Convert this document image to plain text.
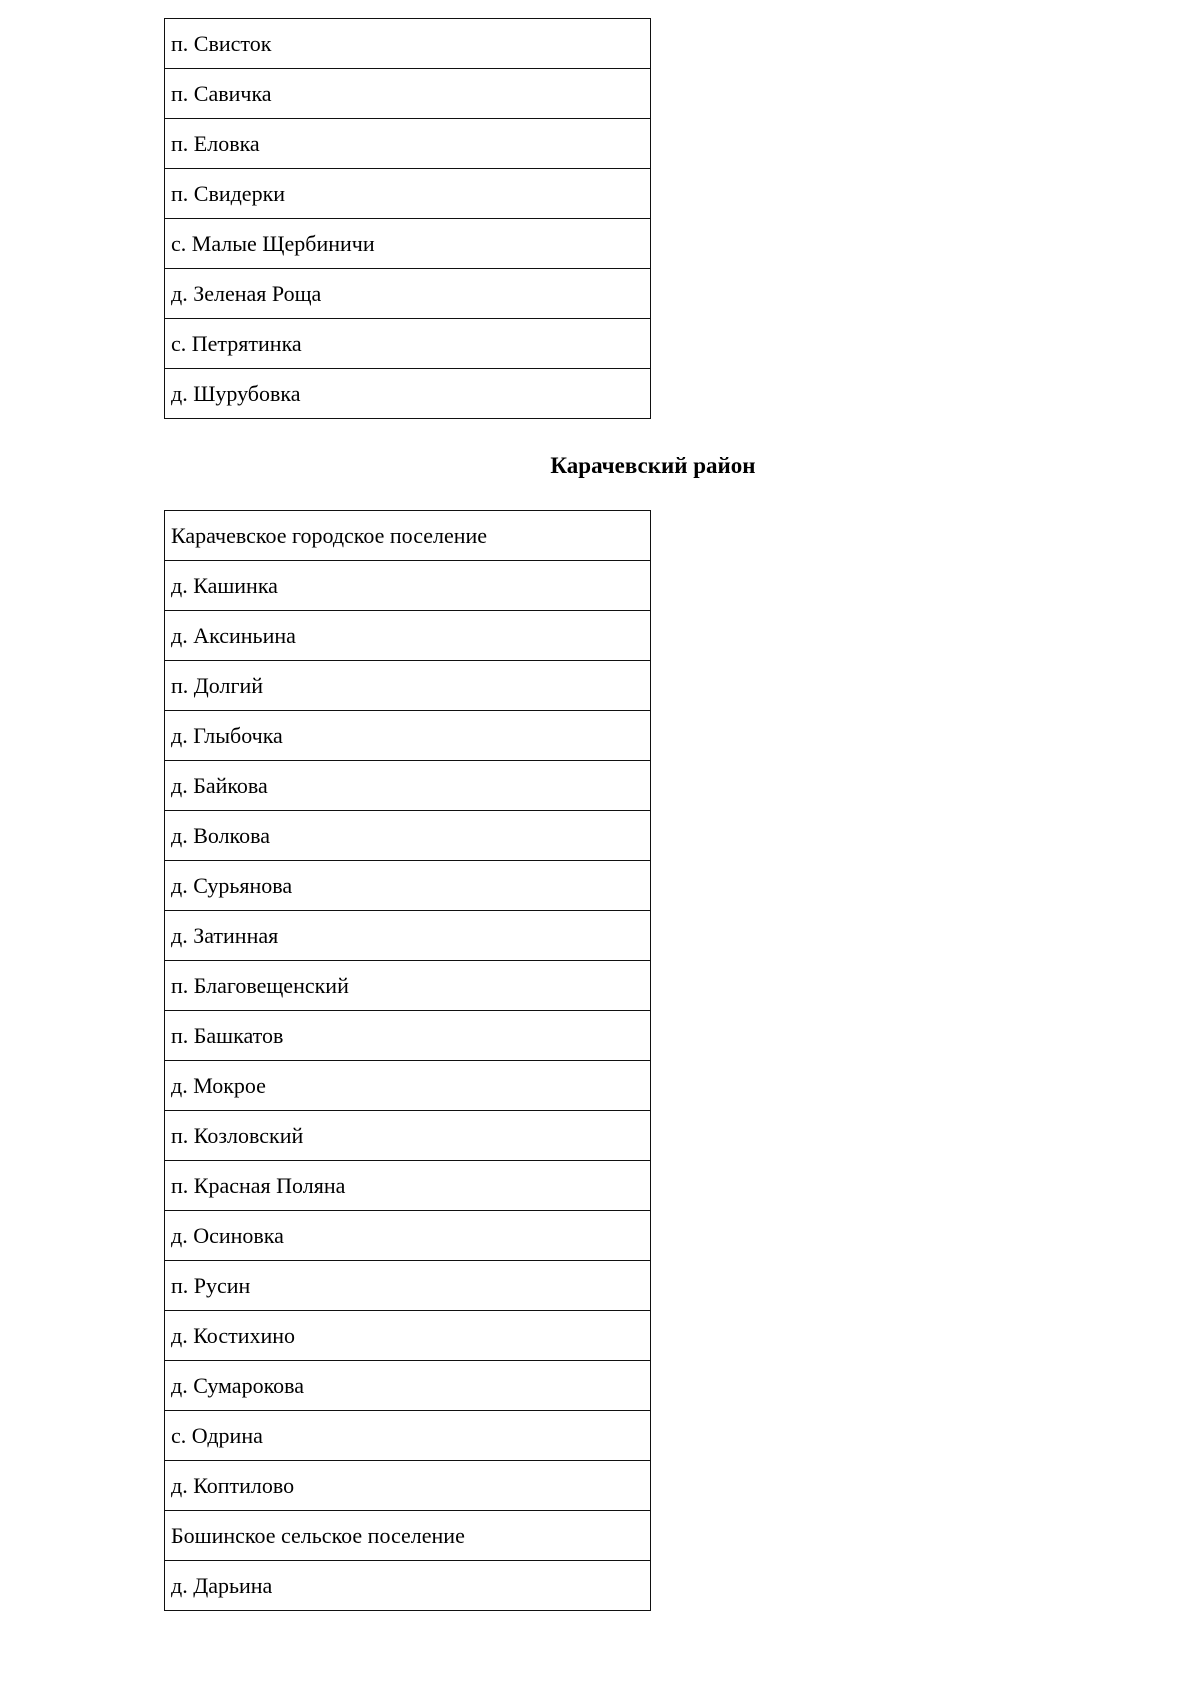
п. Свисток
п. Савичка
п. Еловка
п. Свидерки
с. Малые Щербиничи
д. Зеленая Роща
с. Петрятинка
д. Шурубовка
Карачевский район
Карачевское городское поселение
д. Кашинка
д. Аксиньина
п. Долгий
д. Глыбочка
д. Байкова
д. Волкова
д. Сурьянова
д. Затинная
п. Благовещенский
п. Башкатов
д. Мокрое
п. Козловский
п. Красная Поляна
д. Осиновка
п. Русин
д. Костихино
д. Сумарокова
с. Одрина
д. Коптилово
Бошинское сельское поселение
д. Дарьина
